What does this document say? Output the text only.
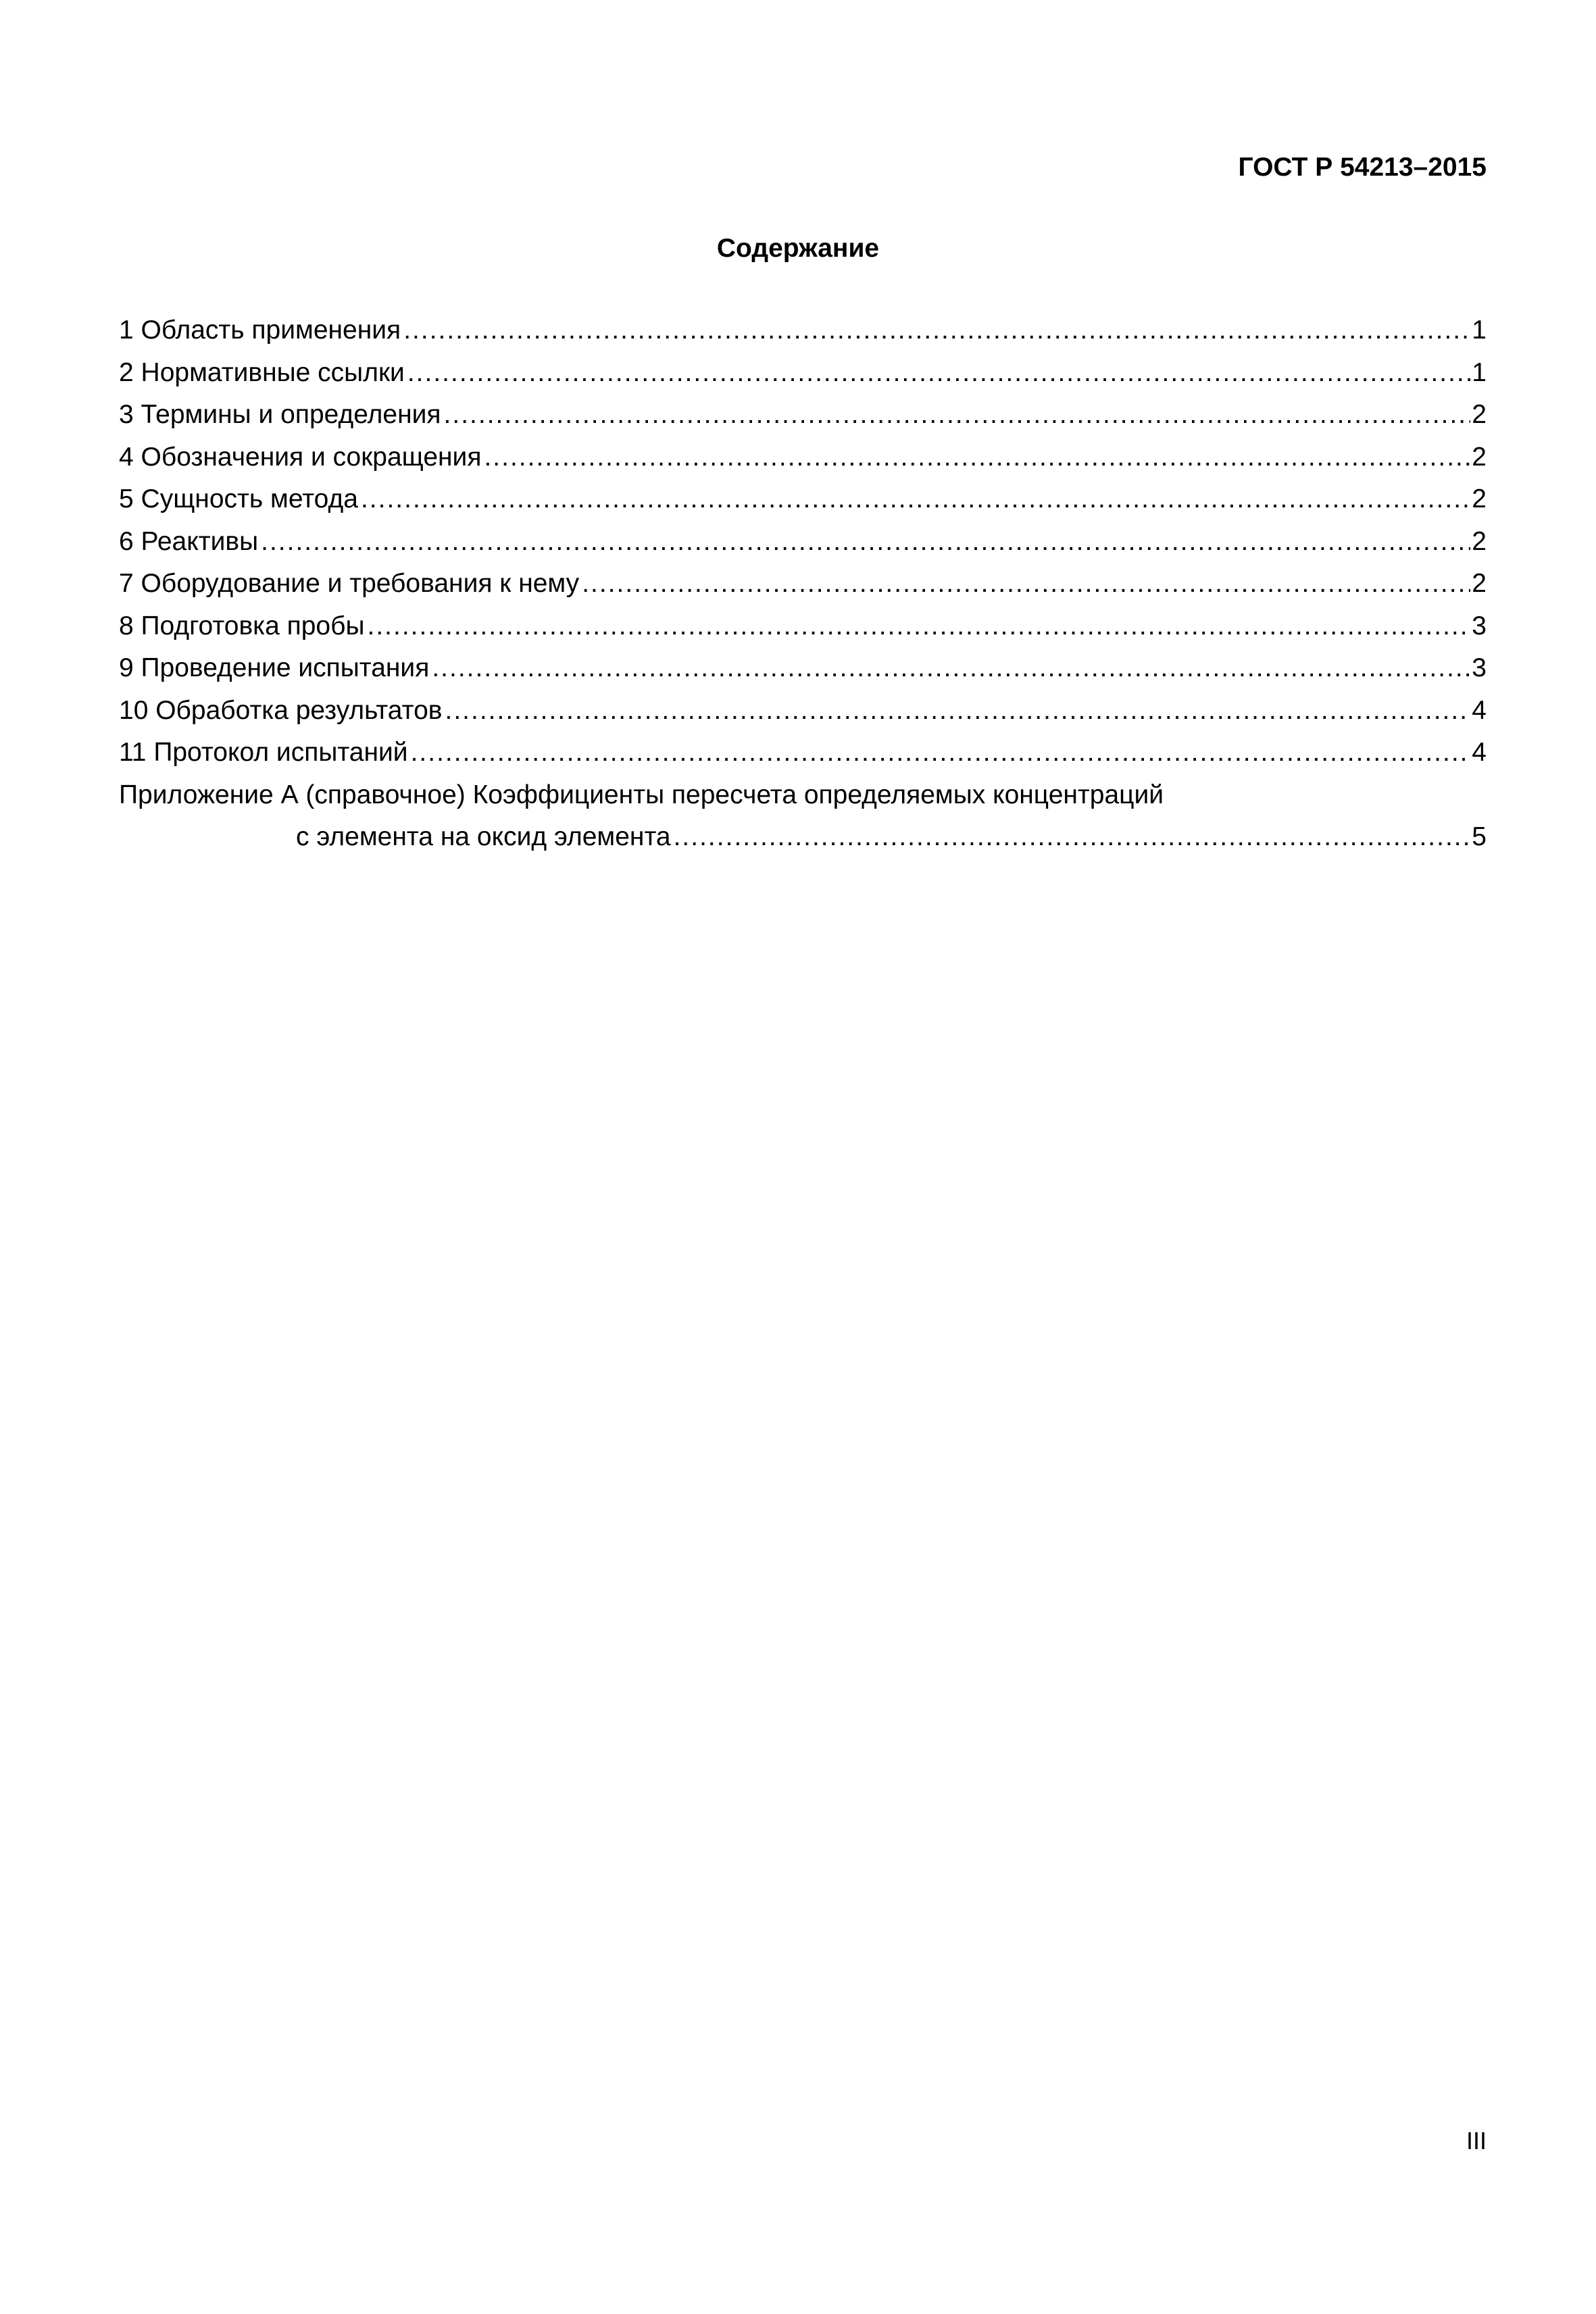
ГОСТ Р 54213–2015

Содержание
1 Область применения .....	1
2 Нормативные ссылки .....	1
3 Термины и определения .....	2
4 Обозначения и сокращения .....	2
5 Сущность метода .....	2
6 Реактивы .....	2
7 Оборудование и требования к нему .....	2
8 Подготовка пробы .....	3
9 Проведение испытания .....	3
10 Обработка результатов .....	4
11 Протокол испытаний .....	4
Приложение А (справочное) Коэффициенты пересчета определяемых концентраций
с элемента на оксид элемента .....	5

III
